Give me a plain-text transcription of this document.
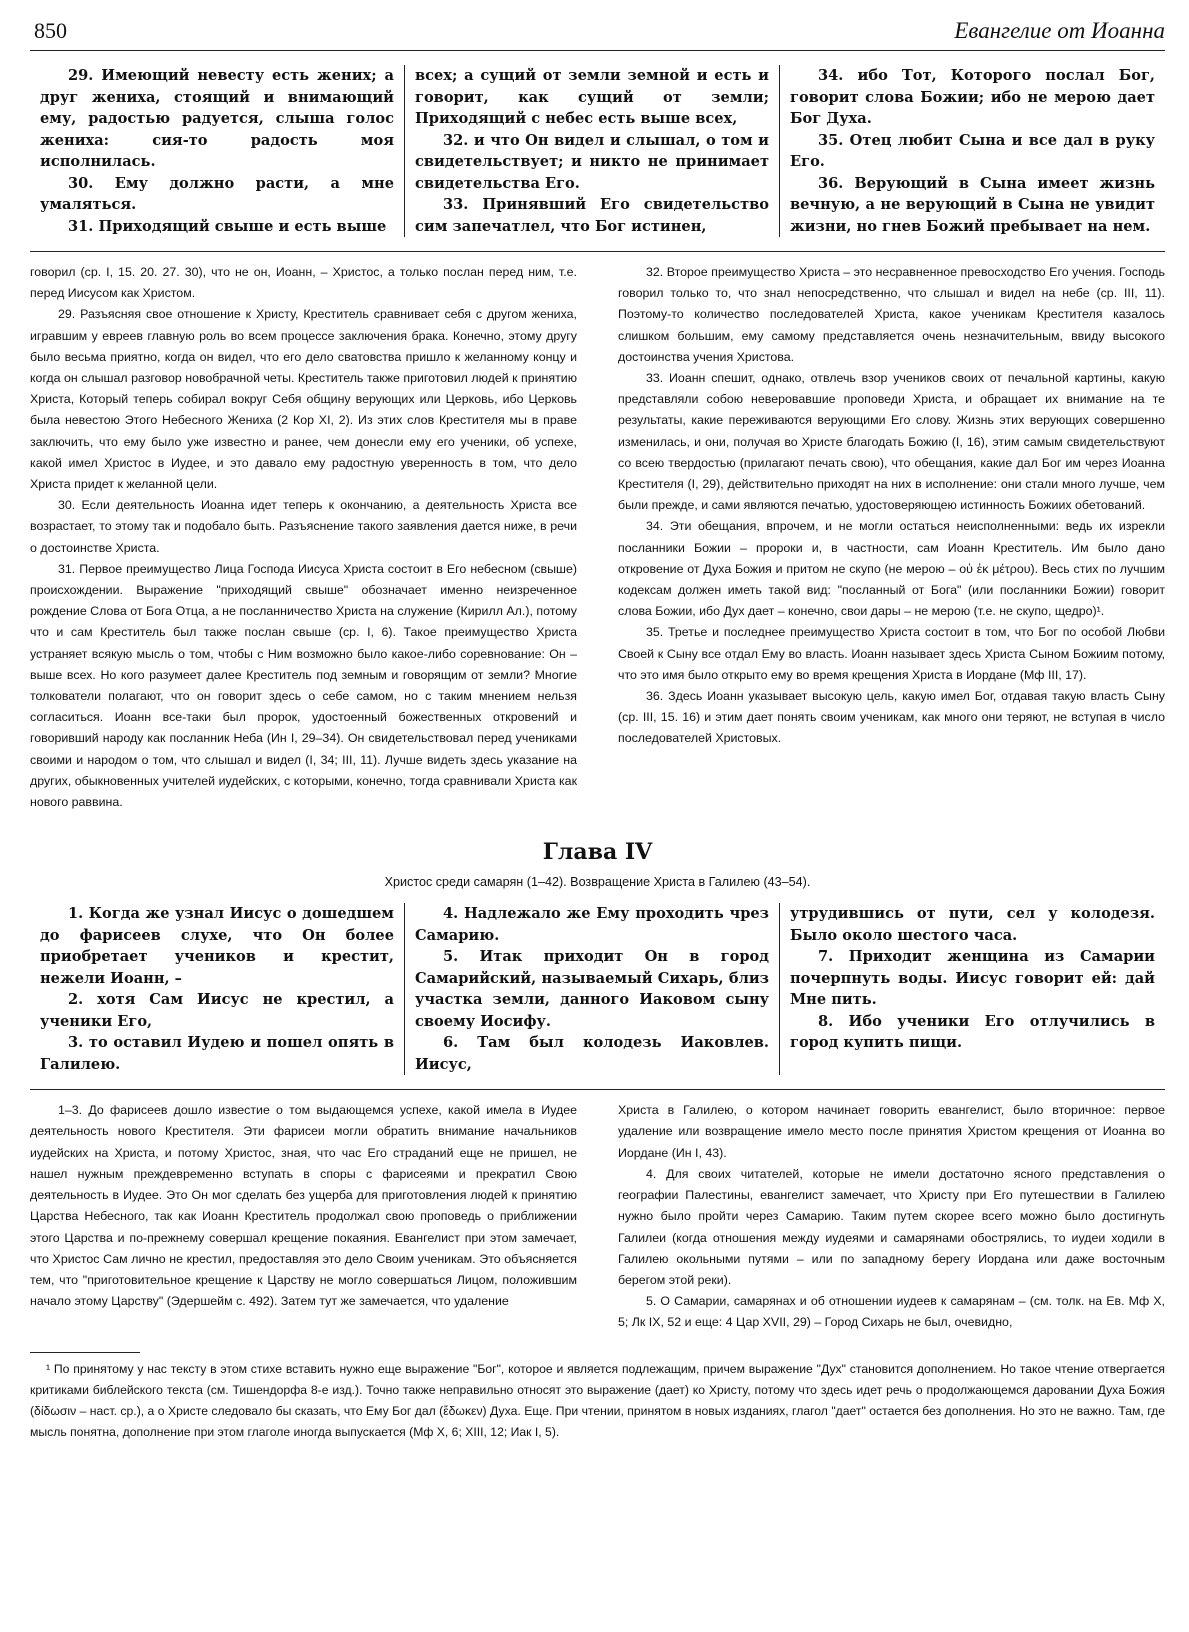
850	Евангелие от Иоанна

29. Имеющий невесту есть жених; а друг жениха, стоящий и внимающий ему, радостью радуется, слыша голос жениха: сия-то радость моя исполнилась.

30. Ему должно расти, а мне умаляться.

31. Приходящий свыше и есть выше

всех; а сущий от земли земной и есть и говорит, как сущий от земли; Приходящий с небес есть выше всех,

32. и что Он видел и слышал, о том и свидетельствует; и никто не принимает свидетельства Его.

33. Принявший Его свидетельство сим запечатлел, что Бог истинен,

34. ибо Тот, Которого послал Бог, говорит слова Божии; ибо не мерою дает Бог Духа.

35. Отец любит Сына и все дал в руку Его.

36. Верующий в Сына имеет жизнь вечную, а не верующий в Сына не увидит жизни, но гнев Божий пребывает на нем.

говорил (ср. I, 15. 20. 27. 30), что не он, Иоанн, – Христос, а только послан перед ним, т.е. перед Иисусом как Христом.

29. Разъясняя свое отношение к Христу, Креститель сравнивает себя с другом жениха, игравшим у евреев главную роль во всем процессе заключения брака. Конечно, этому другу было весьма приятно, когда он видел, что его дело сватовства пришло к желанному концу и когда он слышал разговор новобрачной четы. Креститель также приготовил людей к принятию Христа, Который теперь собирал вокруг Себя общину верующих или Церковь, ибо Церковь была невестою Этого Небесного Жениха (2 Кор XI, 2). Из этих слов Крестителя мы в праве заключить, что ему было уже известно и ранее, чем донесли ему его ученики, об успехе, какой имел Христос в Иудее, и это давало ему радостную уверенность в том, что дело Христа придет к желанной цели.

30. Если деятельность Иоанна идет теперь к окончанию, а деятельность Христа все возрастает, то этому так и подобало быть. Разъяснение такого заявления дается ниже, в речи о достоинстве Христа.

31. Первое преимущество Лица Господа Иисуса Христа состоит в Его небесном (свыше) происхождении. Выражение "приходящий свыше" обозначает именно неизреченное рождение Слова от Бога Отца, а не посланничество Христа на служение (Кирилл Ал.), потому что и сам Креститель был также послан свыше (ср. I, 6). Такое преимущество Христа устраняет всякую мысль о том, чтобы с Ним возможно было какое-либо соревнование: Он – выше всех. Но кого разумеет далее Креститель под земным и говорящим от земли? Многие толкователи полагают, что он говорит здесь о себе самом, но с таким мнением нельзя согласиться. Иоанн все-таки был пророк, удостоенный божественных откровений и говоривший народу как посланник Неба (Ин I, 29–34). Он свидетельствовал перед учениками своими и народом о том, что слышал и видел (I, 34; III, 11). Лучше видеть здесь указание на других, обыкновенных учителей иудейских, с которыми, конечно, тогда сравнивали Христа как нового раввина.

32. Второе преимущество Христа – это несравненное превосходство Его учения. Господь говорил только то, что знал непосредственно, что слышал и видел на небе (ср. III, 11). Поэтому-то количество последователей Христа, какое ученикам Крестителя казалось слишком большим, ему самому представляется очень незначительным, ввиду высокого достоинства учения Христова.

33. Иоанн спешит, однако, отвлечь взор учеников своих от печальной картины, какую представляли собою неверовавшие проповеди Христа, и обращает их внимание на те результаты, какие переживаются верующими Его слову. Жизнь этих верующих совершенно изменилась, и они, получая во Христе благодать Божию (I, 16), этим самым свидетельствуют со всею твердостью (прилагают печать свою), что обещания, какие дал Бог им через Иоанна Крестителя (I, 29), действительно приходят на них в исполнение: они стали много лучше, чем были прежде, и сами являются печатью, удостоверяющею истинность Божиих обетований.

34. Эти обещания, впрочем, и не могли остаться неисполненными: ведь их изрекли посланники Божии – пророки и, в частности, сам Иоанн Креститель. Им было дано откровение от Духа Божия и притом не скупо (не мерою – οὐ ἐκ μέτρου). Весь стих по лучшим кодексам должен иметь такой вид: "посланный от Бога" (или посланники Божии) говорит слова Божии, ибо Дух дает – конечно, свои дары – не мерою (т.е. не скупо, щедро)¹.

35. Третье и последнее преимущество Христа состоит в том, что Бог по особой Любви Своей к Сыну все отдал Ему во власть. Иоанн называет здесь Христа Сыном Божиим потому, что это имя было открыто ему во время крещения Христа в Иордане (Мф III, 17).

36. Здесь Иоанн указывает высокую цель, какую имел Бог, отдавая такую власть Сыну (ср. III, 15. 16) и этим дает понять своим ученикам, как много они теряют, не вступая в число последователей Христовых.

Глава IV

Христос среди самарян (1–42). Возвращение Христа в Галилею (43–54).

1. Когда же узнал Иисус о дошедшем до фарисеев слухе, что Он более приобретает учеников и крестит, нежели Иоанн, –

2. хотя Сам Иисус не крестил, а ученики Его,

3. то оставил Иудею и пошел опять в Галилею.

4. Надлежало же Ему проходить чрез Самарию.

5. Итак приходит Он в город Самарийский, называемый Сихарь, близ участка земли, данного Иаковом сыну своему Иосифу.

6. Там был колодезь Иаковлев. Иисус,

утрудившись от пути, сел у колодезя. Было около шестого часа.

7. Приходит женщина из Самарии почерпнуть воды. Иисус говорит ей: дай Мне пить.

8. Ибо ученики Его отлучились в город купить пищи.

1–3. До фарисеев дошло известие о том выдающемся успехе, какой имела в Иудее деятельность нового Крестителя. Эти фарисеи могли обратить внимание начальников иудейских на Христа, и потому Христос, зная, что час Его страданий еще не пришел, не нашел нужным преждевременно вступать в споры с фарисеями и прекратил Свою деятельность в Иудее. Это Он мог сделать без ущерба для приготовления людей к принятию Царства Небесного, так как Иоанн Креститель продолжал свою проповедь о приближении этого Царства и по-прежнему совершал крещение покаяния. Евангелист при этом замечает, что Христос Сам лично не крестил, предоставляя это дело Своим ученикам. Это объясняется тем, что "приготовительное крещение к Царству не могло совершаться Лицом, положившим начало этому Царству" (Эдершейм с. 492). Затем тут же замечается, что удаление

Христа в Галилею, о котором начинает говорить евангелист, было вторичное: первое удаление или возвращение имело место после принятия Христом крещения от Иоанна во Иордане (Ин I, 43).

4. Для своих читателей, которые не имели достаточно ясного представления о географии Палестины, евангелист замечает, что Христу при Его путешествии в Галилею нужно было пройти через Самарию. Таким путем скорее всего можно было достигнуть Галилеи (когда отношения между иудеями и самарянами обострялись, то иудеи ходили в Галилею окольными путями – или по западному берегу Иордана или даже восточным берегом этой реки).

5. О Самарии, самарянах и об отношении иудеев к самарянам – (см. толк. на Ев. Мф X, 5; Лк IX, 52 и еще: 4 Цар XVII, 29) – Город Сихарь не был, очевидно,

¹ По принятому у нас тексту в этом стихе вставить нужно еще выражение "Бог", которое и является подлежащим, причем выражение "Дух" становится дополнением. Но такое чтение отвергается критиками библейского текста (см. Тишендорфа 8-е изд.). Точно также неправильно относят это выражение (дает) ко Христу, потому что здесь идет речь о продолжающемся даровании Духа Божия (δίδωσιν – наст. ср.), а о Христе следовало бы сказать, что Ему Бог дал (ἔδωκεν) Духа. Еще. При чтении, принятом в новых изданиях, глагол "дает" остается без дополнения. Но это не важно. Там, где мысль понятна, дополнение при этом глаголе иногда выпускается (Мф X, 6; XIII, 12; Иак I, 5).
